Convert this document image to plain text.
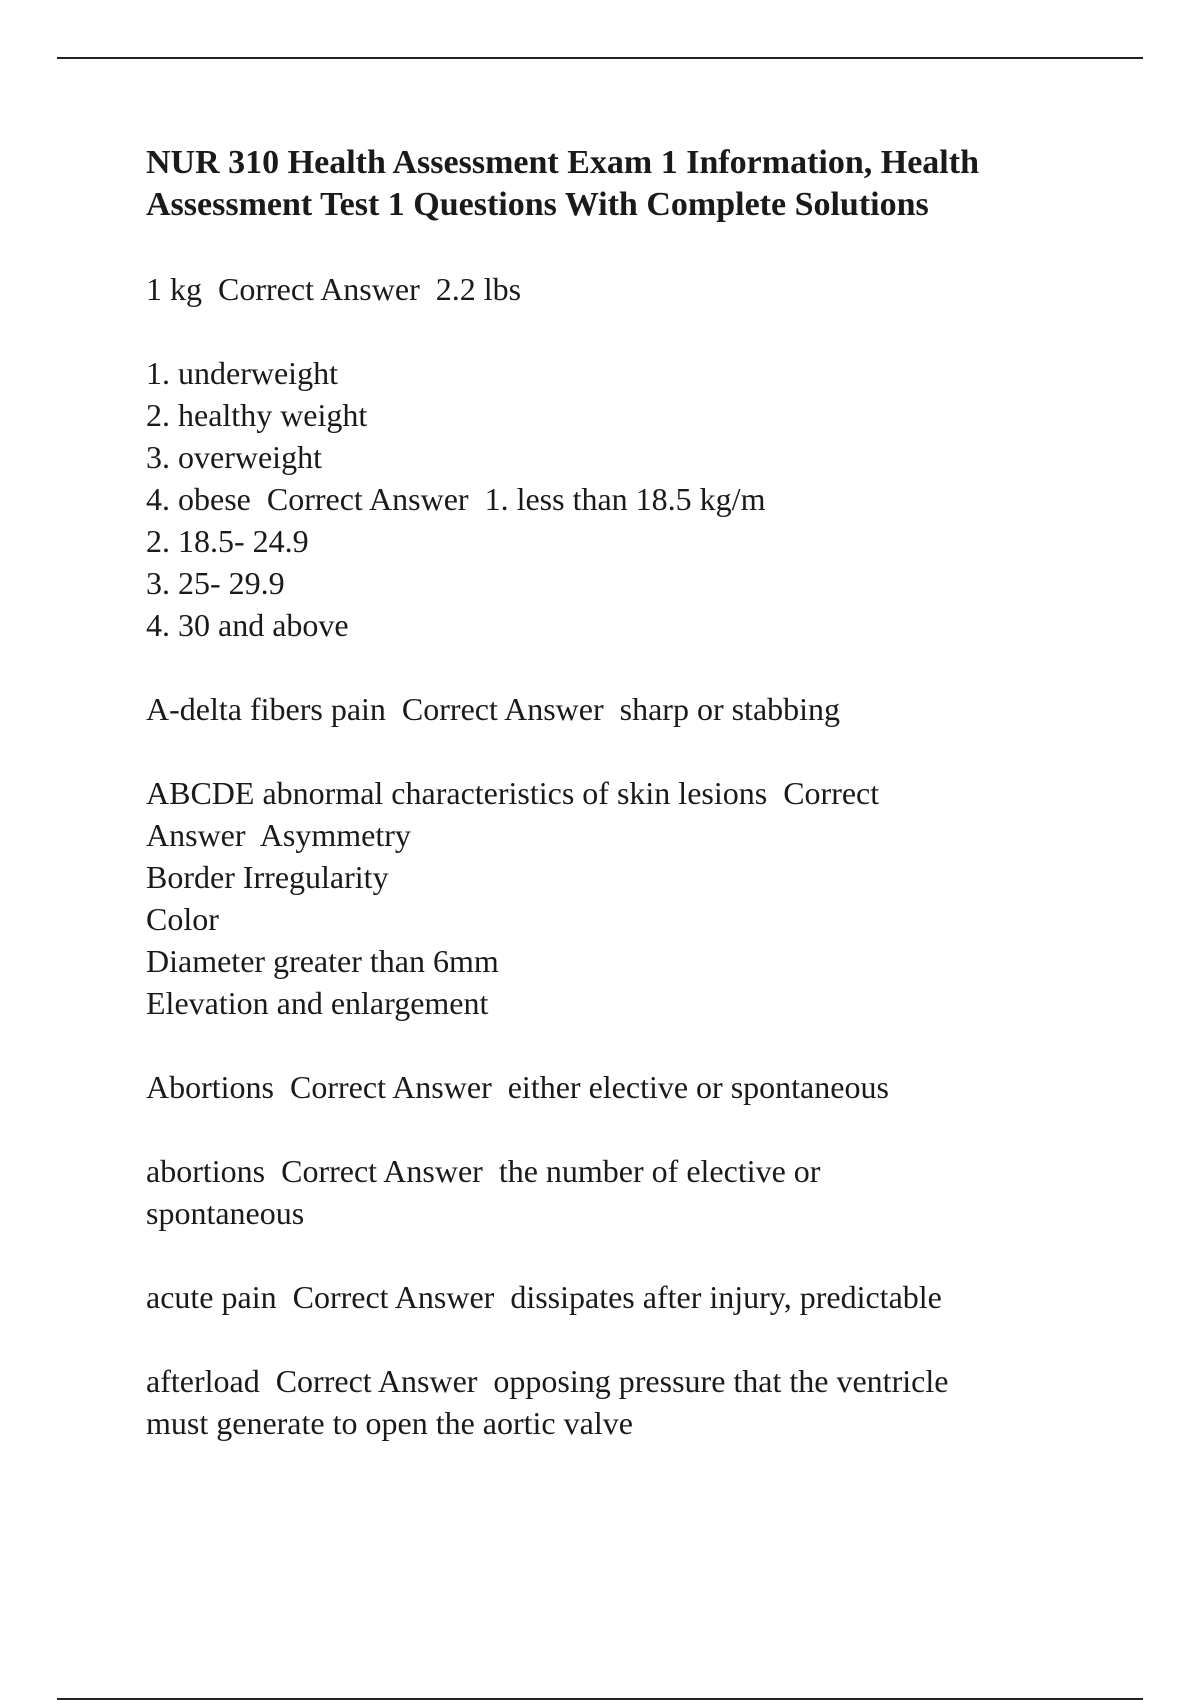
NUR 310 Health Assessment Exam 1 Information, Health
Assessment Test 1 Questions With Complete Solutions
1 kg  Correct Answer  2.2 lbs
1. underweight
2. healthy weight
3. overweight
4. obese  Correct Answer  1. less than 18.5 kg/m
2. 18.5- 24.9
3. 25- 29.9
4. 30 and above
A-delta fibers pain  Correct Answer  sharp or stabbing
ABCDE abnormal characteristics of skin lesions  Correct
Answer  Asymmetry
Border Irregularity
Color
Diameter greater than 6mm
Elevation and enlargement
Abortions  Correct Answer  either elective or spontaneous
abortions  Correct Answer  the number of elective or
spontaneous
acute pain  Correct Answer  dissipates after injury, predictable
afterload  Correct Answer  opposing pressure that the ventricle
must generate to open the aortic valve
